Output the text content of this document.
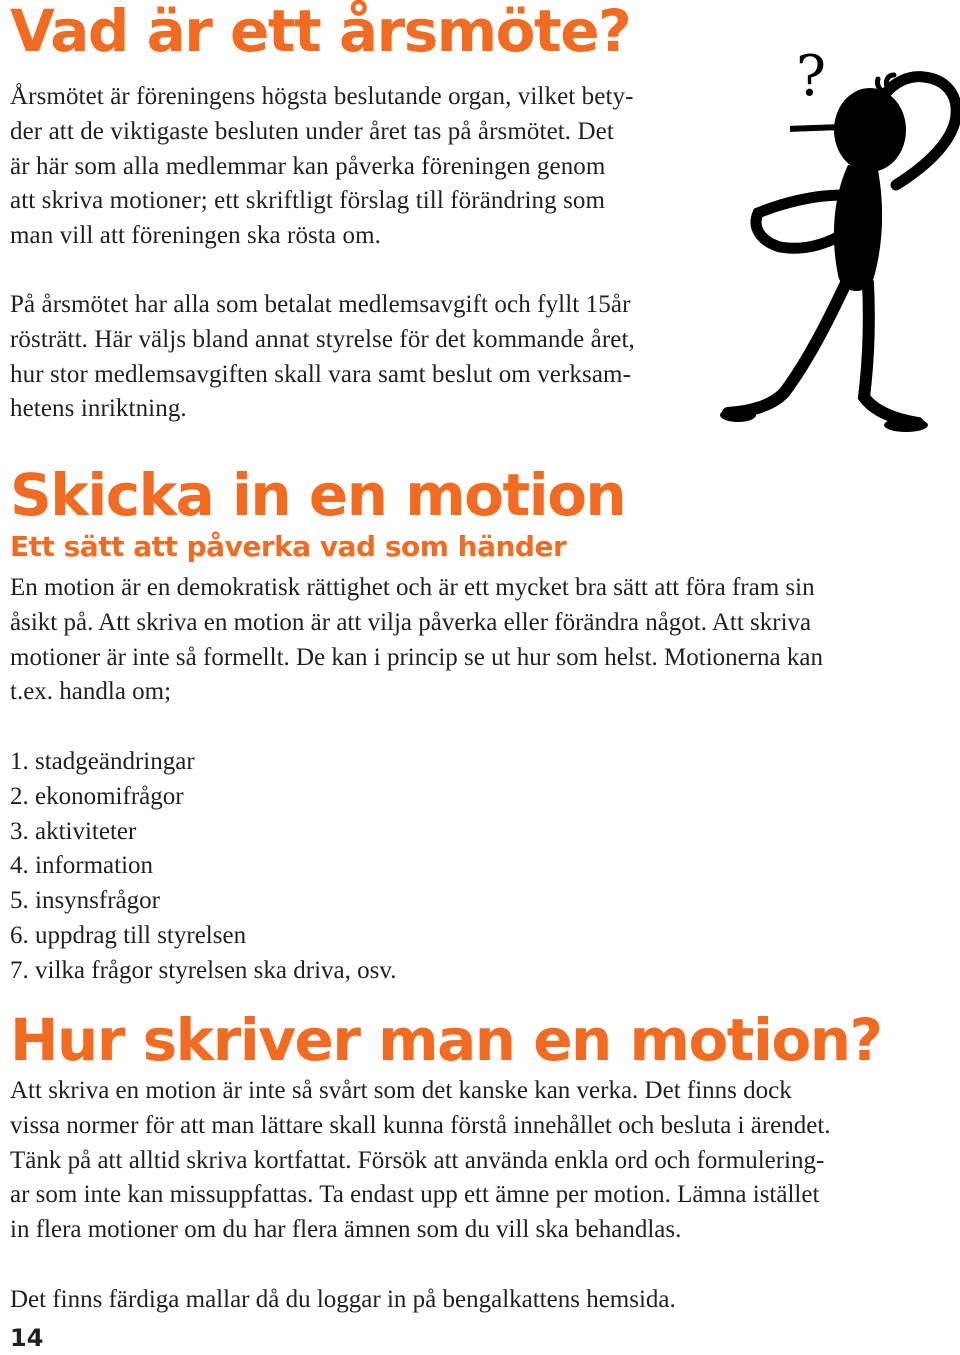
Vad är ett årsmöte?

Årsmötet är föreningens högsta beslutande organ, vilket bety-
der att de viktigaste besluten under året tas på årsmötet. Det
är här som alla medlemmar kan påverka föreningen genom
att skriva motioner; ett skriftligt förslag till förändring som
man vill att föreningen ska rösta om.

På årsmötet har alla som betalat medlemsavgift och fyllt 15år
rösträtt. Här väljs bland annat styrelse för det kommande året,
hur stor medlemsavgiften skall vara samt beslut om verksam-
hetens inriktning.

?
Skicka in en motion
Ett sätt att påverka vad som händer

En motion är en demokratisk rättighet och är ett mycket bra sätt att föra fram sin
åsikt på. Att skriva en motion är att vilja påverka eller förändra något. Att skriva
motioner är inte så formellt. De kan i princip se ut hur som helst. Motionerna kan
t.ex. handla om;

1. stadgeändringar
2. ekonomifrågor
3. aktiviteter
4. information
5. insynsfrågor
6. uppdrag till styrelsen
7. vilka frågor styrelsen ska driva, osv.
Hur skriver man en motion?

Att skriva en motion är inte så svårt som det kanske kan verka. Det finns dock
vissa normer för att man lättare skall kunna förstå innehållet och besluta i ärendet.
Tänk på att alltid skriva kortfattat. Försök att använda enkla ord och formulering-
ar som inte kan missuppfattas. Ta endast upp ett ämne per motion. Lämna istället
in flera motioner om du har flera ämnen som du vill ska behandlas.

Det finns färdiga mallar då du loggar in på bengalkattens hemsida.

14
